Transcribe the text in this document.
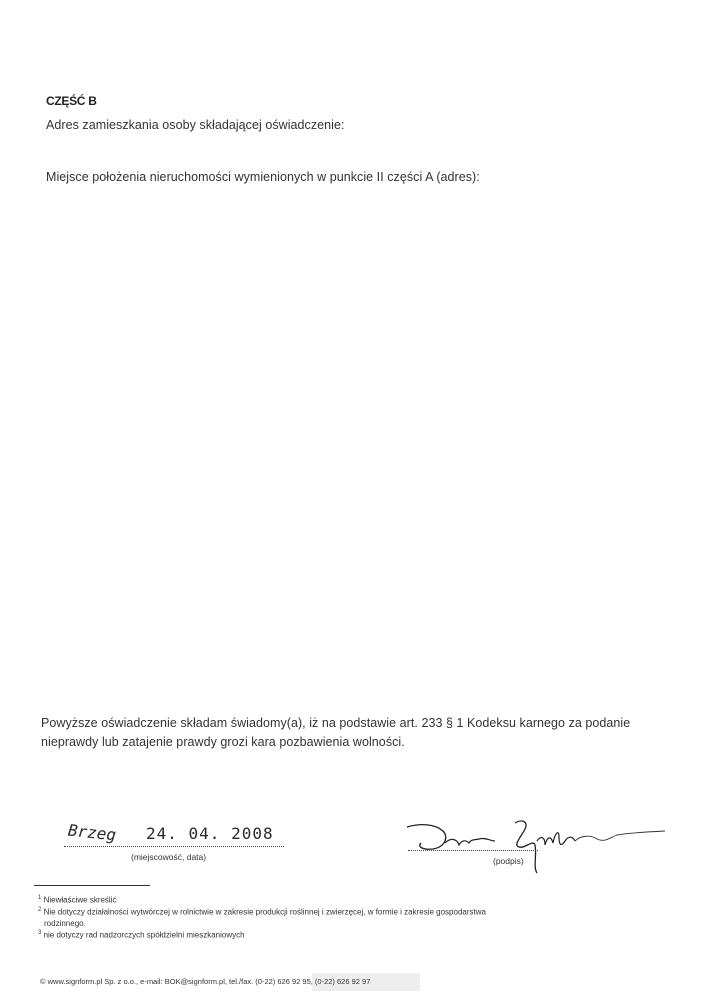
CZĘŚĆ B
Adres zamieszkania osoby składającej oświadczenie:
Miejsce położenia nieruchomości wymienionych w punkcie II części A (adres):
Powyższe oświadczenie składam świadomy(a), iż na podstawie art. 233 § 1 Kodeksu karnego za podanie
nieprawdy lub zatajenie prawdy grozi kara pozbawienia wolności.
Brzeg 24. 04. 2008
(miejscowość, data)	(podpis)
$^1$ Niewłaściwe skreślić
$^2$ Nie dotyczy działalności wytwórczej w rolnictwie w zakresie produkcji roślinnej i zwierzęcej, w formie i zakresie gospodarstwa
rodzinnego.
$^3$ nie dotyczy rad nadzorczych spółdzielni mieszkaniowych
© www.signform.pl Sp. z o.o., e-mail: BOK@signform.pl, tel./fax. (0-22) 626 92 95, (0-22) 626 92 97
